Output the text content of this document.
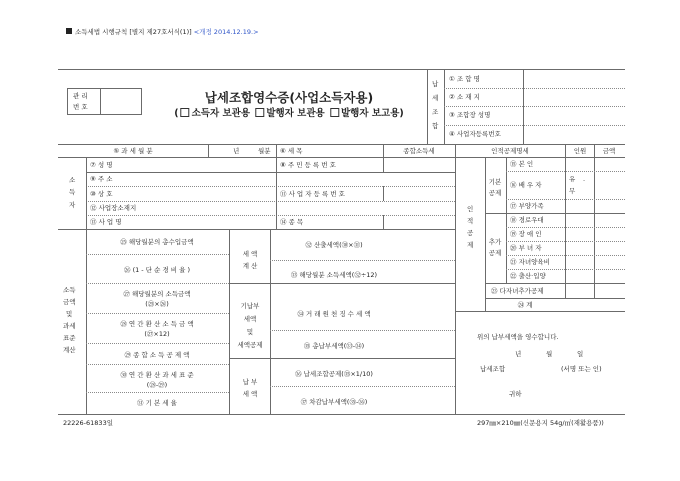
소득세법 시행규칙 [별지 제27호서식(1)] <개정 2014.12.19.>
관 리
번 호
납세조합영수증(사업소득자용)
( 소득자 보관용 발행자 보관용 발행자 보고용)
납
세
조
합
① 조 합 명
② 소 재 지
③ 조합장 성명
④ 사업자등록번호
⑤ 과 세 월 분	년	월분 ⑥ 세 목	종합소득세
소
득
자
⑦ 성 명	⑧ 주 민 등 록 번 호
⑨ 주 소
⑩ 상 호	⑪ 사 업 자 등 록 번 호
⑫ 사업장소재지
⑬ 사 업 명	⑭ 종 목
소득
금액
및
과세
표준
계산
㉕ 해당월분의 총수입금액
㉖ (1 - 단 순 경 비 율 )
㉗ 해당월분의 소득금액
(㉕×㉖)
㉘ 연 간 환 산 소 득 금 액
(㉗×12)
㉙ 종 합 소 득 공 제 액
㉚ 연 간 환 산 과 세 표 준
(㉘-㉙)
㉛ 기 본 세 율
세 액
계 산
기납부
세액
및
세액공제
납 부
세 액
㉜ 산출세액(㉚×㉛)
㉝ 해당월분 소득세액(㉜÷12)
㉞ 거 래 원 천 징 수 세 액
㉟ 총납부세액(㉝-㉞)
㊱ 납세조합공제(㉟×1/10)
㊲ 차감납부세액(㉟-㊱)
인적공제명세	인원	금액
인
적
공
제
기본
공제
추가
공제
⑮ 본 인
⑯ 배 우 자
유 ·
무
⑰ 부양가족
⑱ 경로우대
⑲ 장 애 인
⑳ 부 녀 자
㉑ 자녀양육비
㉒ 출산·입양
㉓ 다자녀추가공제
㉔ 계
위의 납부세액을 영수합니다.
년	월	일
납세조합	(서명 또는 인)
귀하
22226-61833일	297㎜×210㎜(신문용지 54g/㎡(재활용품))
